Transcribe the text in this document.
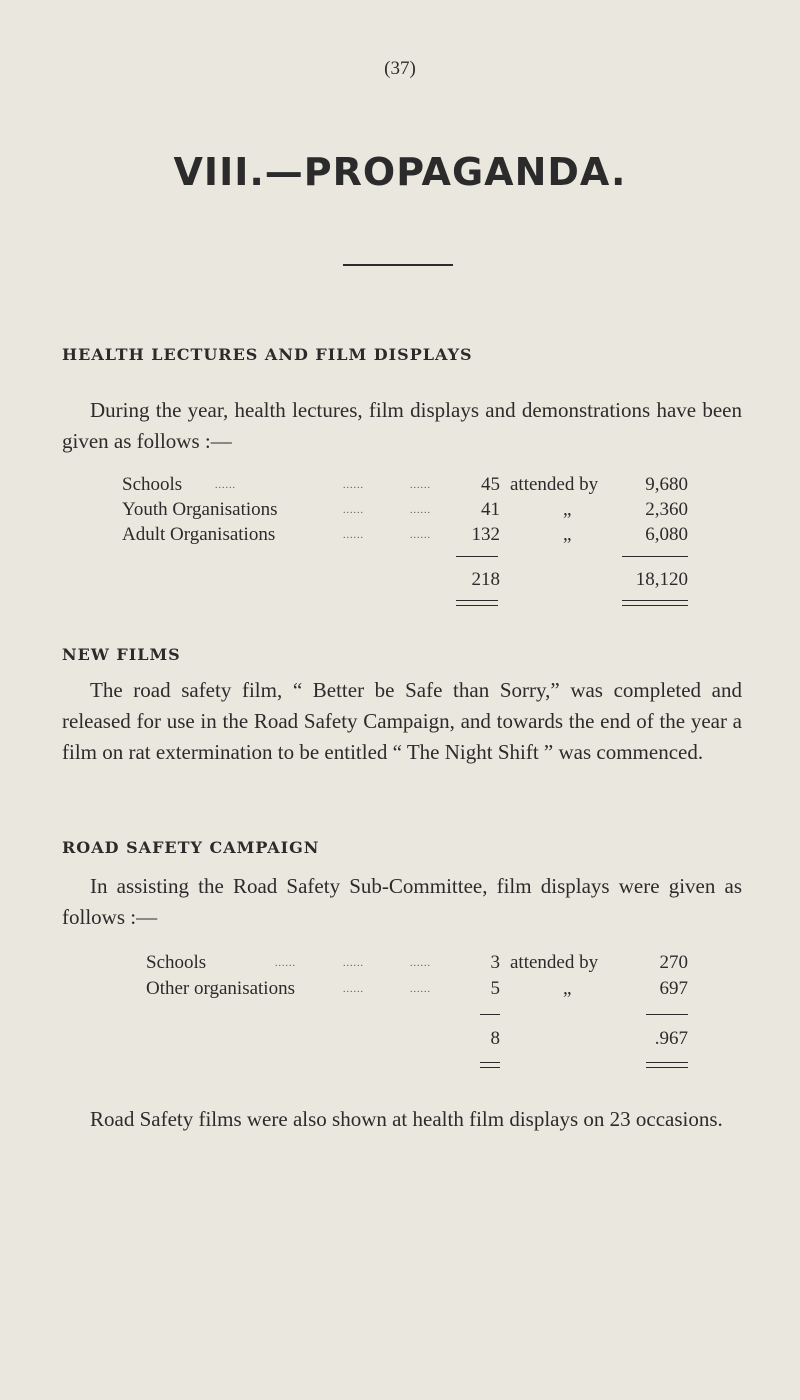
(37)
VIII.—PROPAGANDA.
HEALTH LECTURES AND FILM DISPLAYS
During the year, health lectures, film displays and demonstrations have been given as follows :—
Schools	......	......	......	45 attended by 9,680
Youth Organisations	......	......	41	„	2,360
Adult Organisations	......	...... 132	„	6,080
218	18,120
NEW FILMS
The road safety film, “ Better be Safe than Sorry,” was completed and released for use in the Road Safety Campaign, and towards the end of the year a film on rat extermination to be entitled “ The Night Shift ” was commenced.
ROAD SAFETY CAMPAIGN
In assisting the Road Safety Sub-Committee, film displays were given as follows :—
Schools	......	......	......	3 attended by	270
Other organisations	......	......	5	„	697
8	.967
Road Safety films were also shown at health film displays on 23 occasions.
